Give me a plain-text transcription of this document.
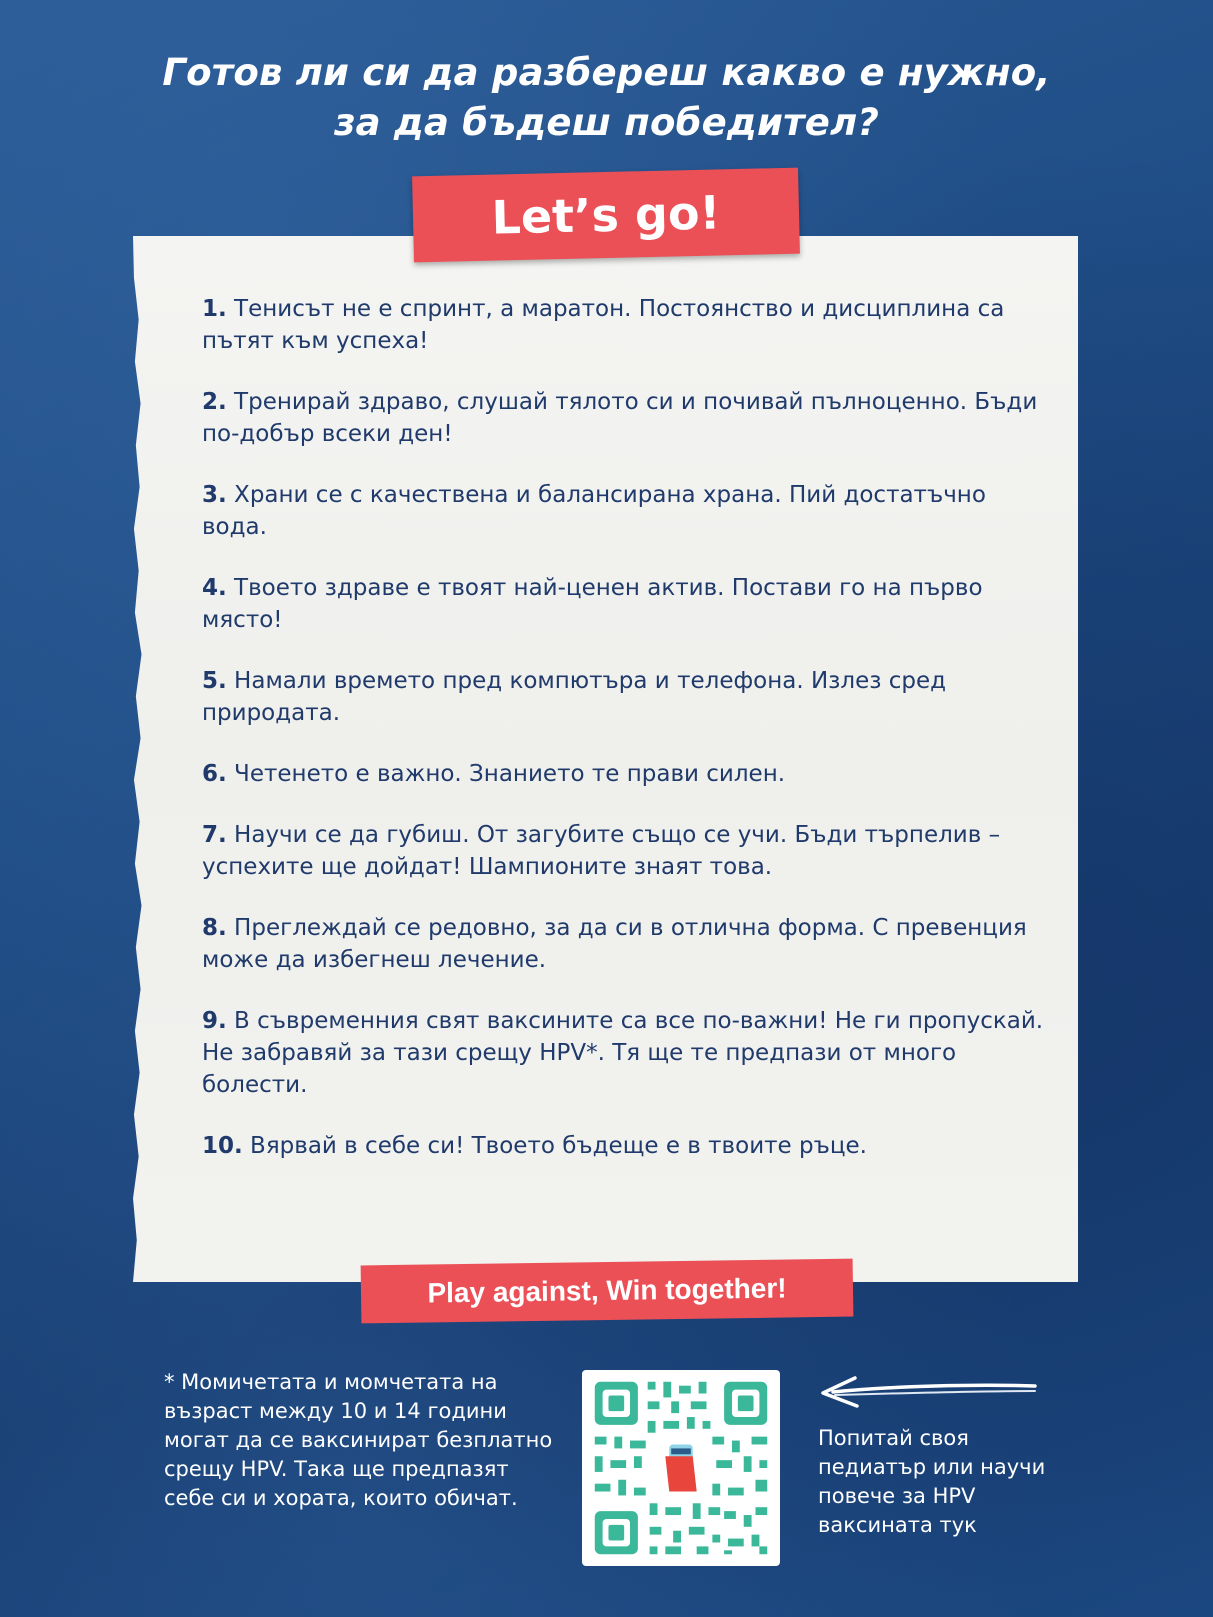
Готов ли си да разбереш какво е нужно,
за да бъдеш победител?
Let’s go!
1. Тенисът не е спринт, а маратон. Постоянство и дисциплина са пътят към успеха!
2. Тренирай здраво, слушай тялото си и почивай пълноценно. Бъди по-добър всеки ден!
3. Храни се с качествена и балансирана храна. Пий достатъчно вода.
4. Твоето здраве е твоят най-ценен актив. Постави го на първо място!
5. Намали времето пред компютъра и телефона. Излез сред природата.
6. Четенето е важно. Знанието те прави силен.
7. Научи се да губиш. От загубите също се учи. Бъди търпелив – успехите ще дойдат! Шампионите знаят това.
8. Преглеждай се редовно, за да си в отлична форма. С превенция може да избегнеш лечение.
9. В съвременния свят ваксините са все по-важни! Не ги пропускай. Не забравяй за тази срещу HPV*. Тя ще те предпази от много болести.
10. Вярвай в себе си! Твоето бъдеще е в твоите ръце.
Play against, Win together!
* Момичетата и момчетата на възраст между 10 и 14 години могат да се ваксинират безплатно срещу HPV. Така ще предпазят себе си и хората, които обичат.
Попитай своя педиатър или научи повече за HPV ваксината тук
